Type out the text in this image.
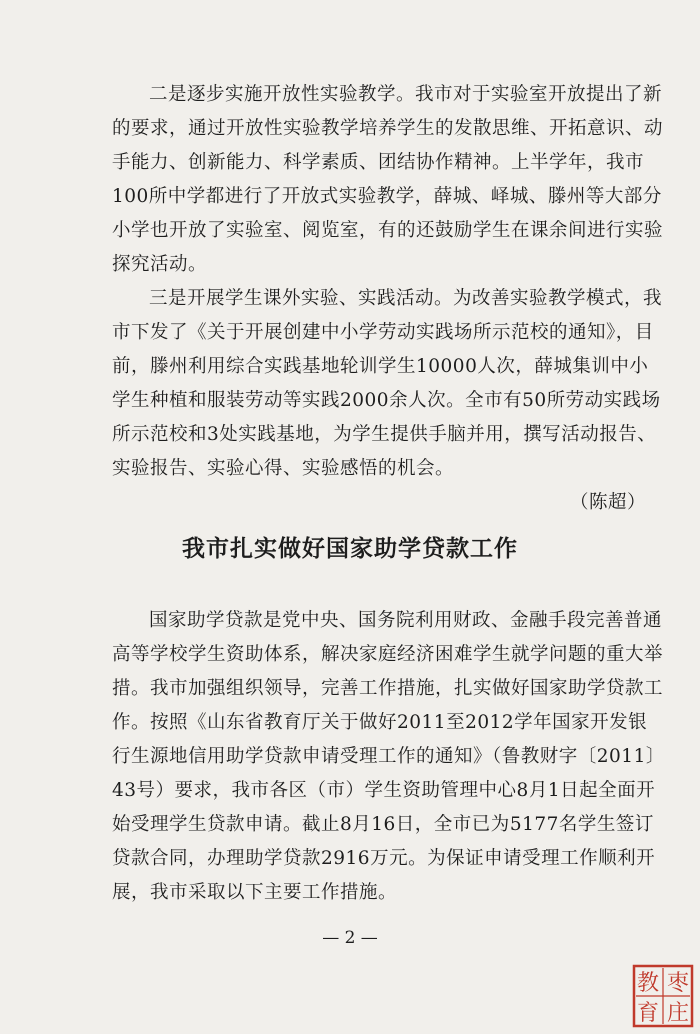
二是逐步实施开放性实验教学。我市对于实验室开放提出了新的要求，通过开放性实验教学培养学生的发散思维、开拓意识、动手能力、创新能力、科学素质、团结协作精神。上半学年，我市100所中学都进行了开放式实验教学，薛城、峄城、滕州等大部分小学也开放了实验室、阅览室，有的还鼓励学生在课余间进行实验探究活动。

三是开展学生课外实验、实践活动。为改善实验教学模式，我市下发了《关于开展创建中小学劳动实践场所示范校的通知》，目前，滕州利用综合实践基地轮训学生10000人次，薛城集训中小学生种植和服装劳动等实践2000余人次。全市有50所劳动实践场所示范校和3处实践基地，为学生提供手脑并用，撰写活动报告、实验报告、实验心得、实验感悟的机会。

（陈超）

我市扎实做好国家助学贷款工作

国家助学贷款是党中央、国务院利用财政、金融手段完善普通高等学校学生资助体系，解决家庭经济困难学生就学问题的重大举措。我市加强组织领导，完善工作措施，扎实做好国家助学贷款工作。按照《山东省教育厅关于做好2011至2012学年国家开发银行生源地信用助学贷款申请受理工作的通知》（鲁教财字〔2011〕43号）要求，我市各区（市）学生资助管理中心8月1日起全面开始受理学生贷款申请。截止8月16日，全市已为5177名学生签订贷款合同，办理助学贷款2916万元。为保证申请受理工作顺利开展，我市采取以下主要工作措施。

— 2 —
教 枣
育 庄
